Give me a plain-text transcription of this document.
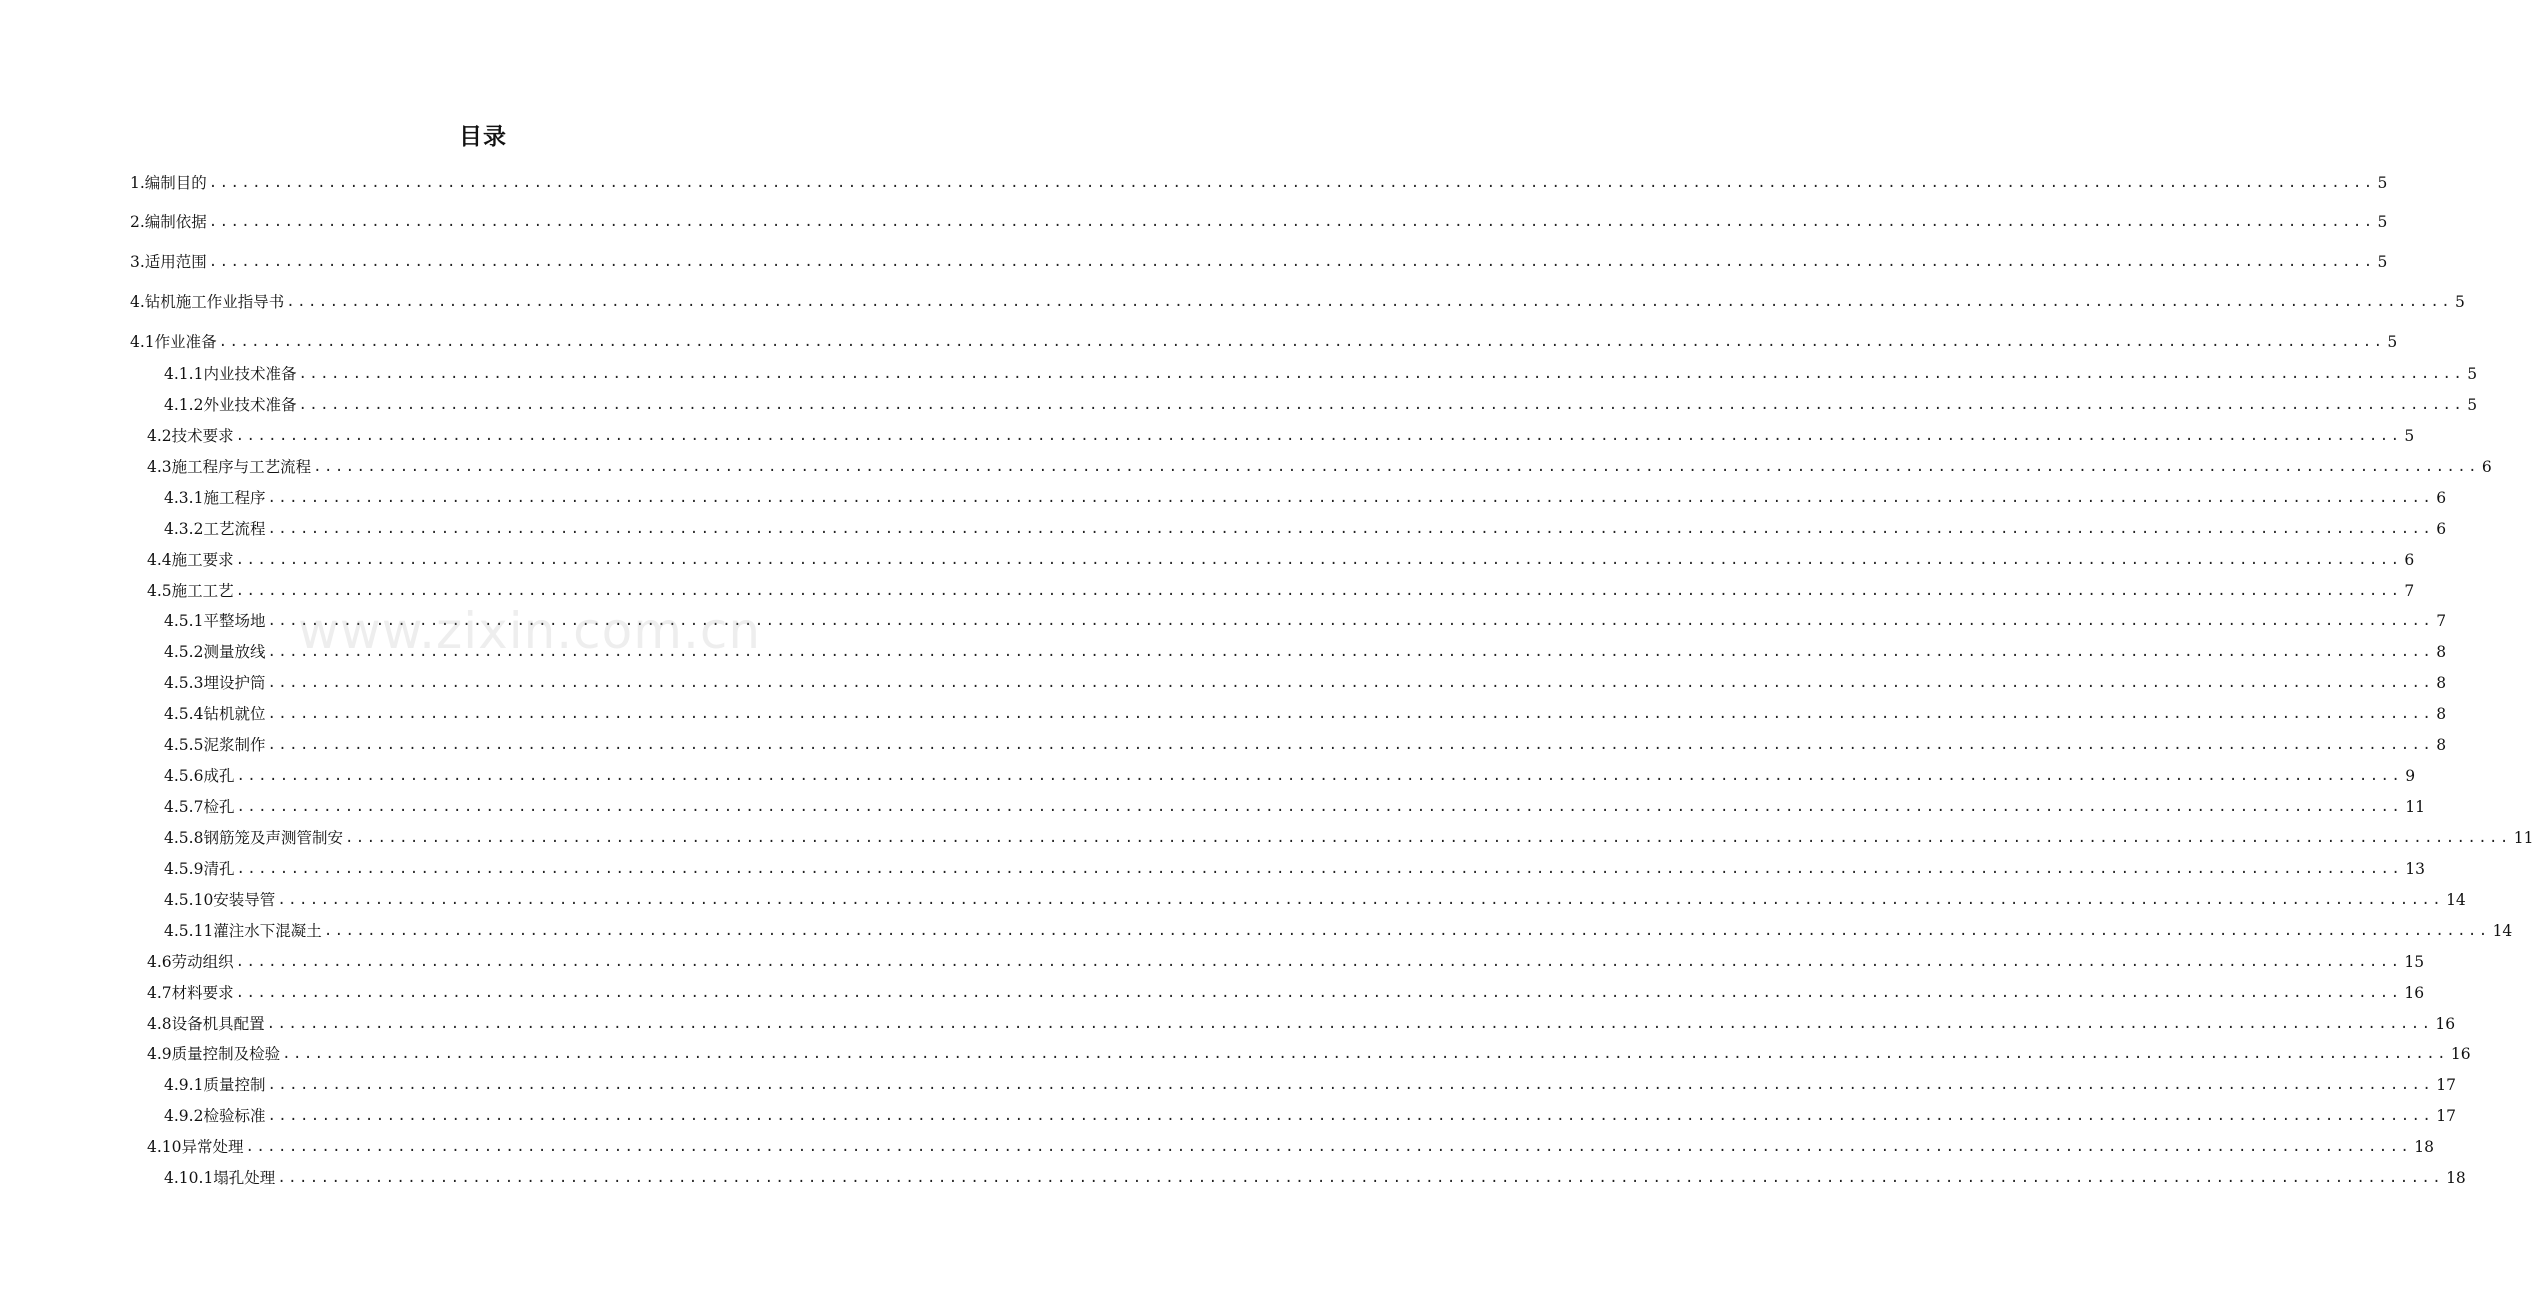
目录
1.编制目的 ........................................................................................................................................................................................................ 5
2.编制依据 ........................................................................................................................................................................................................ 5
3.适用范围 ........................................................................................................................................................................................................ 5
4.钻机施工作业指导书 ........................................................................................................................................................................................................ 5
4.1作业准备 ........................................................................................................................................................................................................ 5
4.1.1内业技术准备 ........................................................................................................................................................................................................ 5
4.1.2外业技术准备 ........................................................................................................................................................................................................ 5
4.2技术要求 ........................................................................................................................................................................................................ 5
4.3施工程序与工艺流程 ........................................................................................................................................................................................................ 6
4.3.1施工程序 ........................................................................................................................................................................................................ 6
4.3.2工艺流程 ........................................................................................................................................................................................................ 6
4.4施工要求 ........................................................................................................................................................................................................ 6
4.5施工工艺 ........................................................................................................................................................................................................ 7
4.5.1平整场地 ........................................................................................................................................................................................................ 7
4.5.2测量放线 ........................................................................................................................................................................................................ 8
4.5.3埋设护筒 ........................................................................................................................................................................................................ 8
4.5.4钻机就位 ........................................................................................................................................................................................................ 8
4.5.5泥浆制作 ........................................................................................................................................................................................................ 8
4.5.6成孔 ........................................................................................................................................................................................................ 9
4.5.7检孔 ........................................................................................................................................................................................................ 11
4.5.8钢筋笼及声测管制安 ........................................................................................................................................................................................................ 11
4.5.9清孔 ........................................................................................................................................................................................................ 13
4.5.10安装导管 ........................................................................................................................................................................................................ 14
4.5.11灌注水下混凝土 ........................................................................................................................................................................................................ 14
4.6劳动组织 ........................................................................................................................................................................................................ 15
4.7材料要求 ........................................................................................................................................................................................................ 16
4.8设备机具配置 ........................................................................................................................................................................................................ 16
4.9质量控制及检验 ........................................................................................................................................................................................................ 16
4.9.1质量控制 ........................................................................................................................................................................................................ 17
4.9.2检验标准 ........................................................................................................................................................................................................ 17
4.10异常处理 ........................................................................................................................................................................................................ 18
4.10.1塌孔处理 ........................................................................................................................................................................................................ 18
www.zixin.com.cn
